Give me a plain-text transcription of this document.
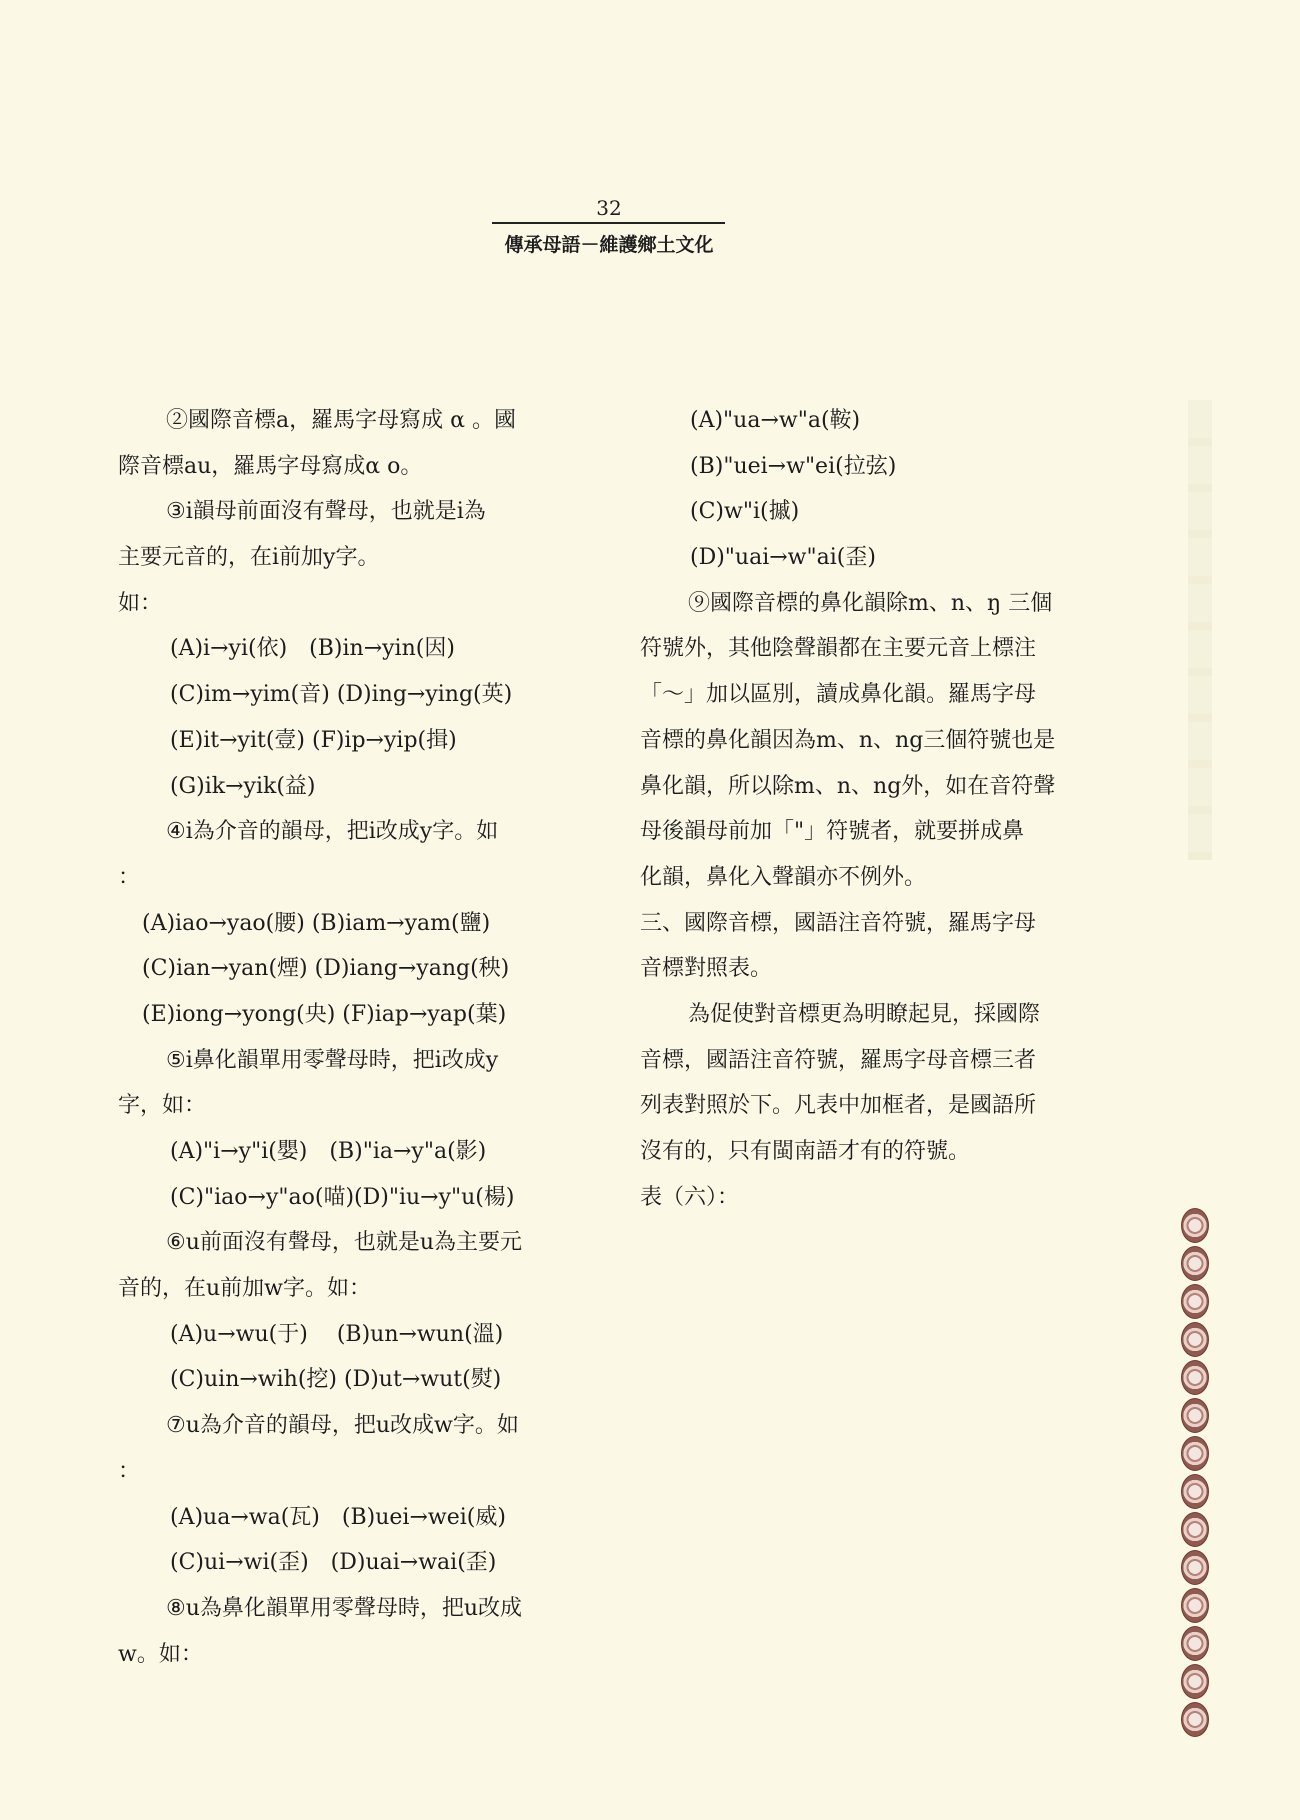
32
傳承母語－維護鄉土文化
②國際音標a，羅馬字母寫成 α 。國
際音標au，羅馬字母寫成α o。
③i韻母前面沒有聲母，也就是i為
主要元音的，在i前加y字。
如：
(A)i→yi(依)　(B)in→yin(因)
(C)im→yim(音) (D)ing→ying(英)
(E)it→yit(壹) (F)ip→yip(揖)
(G)ik→yik(益)
④i為介音的韻母，把i改成y字。如
：
(A)iao→yao(腰) (B)iam→yam(鹽)
(C)ian→yan(煙) (D)iang→yang(秧)
(E)iong→yong(央) (F)iap→yap(葉)
⑤i鼻化韻單用零聲母時，把i改成y
字，如：
(A)"i→y"i(嬰)　(B)"ia→y"a(影)
(C)"iao→y"ao(喵)(D)"iu→y"u(楊)
⑥u前面沒有聲母，也就是u為主要元
音的，在u前加w字。如：
(A)u→wu(于)　 (B)un→wun(溫)
(C)uin→wih(挖) (D)ut→wut(熨)
⑦u為介音的韻母，把u改成w字。如
：
(A)ua→wa(瓦)　(B)uei→wei(威)
(C)ui→wi(歪)　(D)uai→wai(歪)
⑧u為鼻化韻單用零聲母時，把u改成
w。如：
(A)"ua→w"a(鞍)
(B)"uei→w"ei(拉弦)
(C)w"i(摵)
(D)"uai→w"ai(歪)
⑨國際音標的鼻化韻除m、n、ŋ 三個
符號外，其他陰聲韻都在主要元音上標注
「～」加以區別，讀成鼻化韻。羅馬字母
音標的鼻化韻因為m、n、ng三個符號也是
鼻化韻，所以除m、n、ng外，如在音符聲
母後韻母前加「"」符號者，就要拼成鼻
化韻，鼻化入聲韻亦不例外。
三、國際音標，國語注音符號，羅馬字母
音標對照表。
為促使對音標更為明瞭起見，採國際
音標，國語注音符號，羅馬字母音標三者
列表對照於下。凡表中加框者，是國語所
沒有的，只有閩南語才有的符號。
表（六）：
